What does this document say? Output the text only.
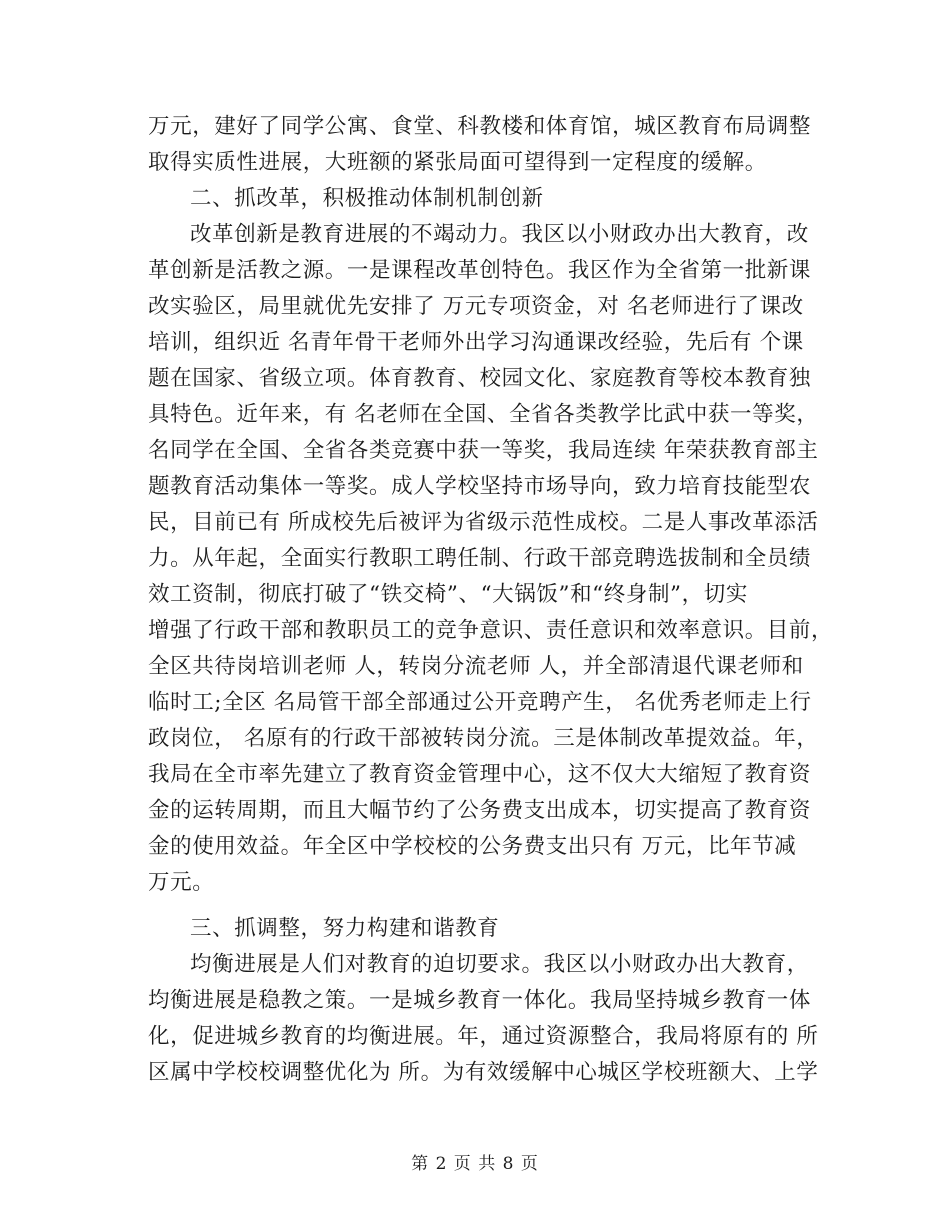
万元，建好了同学公寓、食堂、科教楼和体育馆，城区教育布局调整
取得实质性进展，大班额的紧张局面可望得到一定程度的缓解。
二、抓改革，积极推动体制机制创新
改革创新是教育进展的不竭动力。我区以小财政办出大教育，改
革创新是活教之源。一是课程改革创特色。我区作为全省第一批新课
改实验区，局里就优先安排了 万元专项资金，对 名老师进行了课改
培训，组织近 名青年骨干老师外出学习沟通课改经验，先后有 个课
题在国家、省级立项。体育教育、校园文化、家庭教育等校本教育独
具特色。近年来，有 名老师在全国、全省各类教学比武中获一等奖，
名同学在全国、全省各类竞赛中获一等奖，我局连续 年荣获教育部主
题教育活动集体一等奖。成人学校坚持市场导向，致力培育技能型农
民，目前已有 所成校先后被评为省级示范性成校。二是人事改革添活
力。从年起，全面实行教职工聘任制、行政干部竞聘选拔制和全员绩
效工资制，彻底打破了“铁交椅”、“大锅饭”和“终身制”，切实
增强了行政干部和教职员工的竞争意识、责任意识和效率意识。目前，
全区共待岗培训老师 人，转岗分流老师 人，并全部清退代课老师和
临时工;全区 名局管干部全部通过公开竞聘产生， 名优秀老师走上行
政岗位， 名原有的行政干部被转岗分流。三是体制改革提效益。年，
我局在全市率先建立了教育资金管理中心，这不仅大大缩短了教育资
金的运转周期，而且大幅节约了公务费支出成本，切实提高了教育资
金的使用效益。年全区中学校校的公务费支出只有 万元，比年节减
万元。
三、抓调整，努力构建和谐教育
均衡进展是人们对教育的迫切要求。我区以小财政办出大教育，
均衡进展是稳教之策。一是城乡教育一体化。我局坚持城乡教育一体
化，促进城乡教育的均衡进展。年，通过资源整合，我局将原有的 所
区属中学校校调整优化为 所。为有效缓解中心城区学校班额大、上学
第 2 页 共 8 页
